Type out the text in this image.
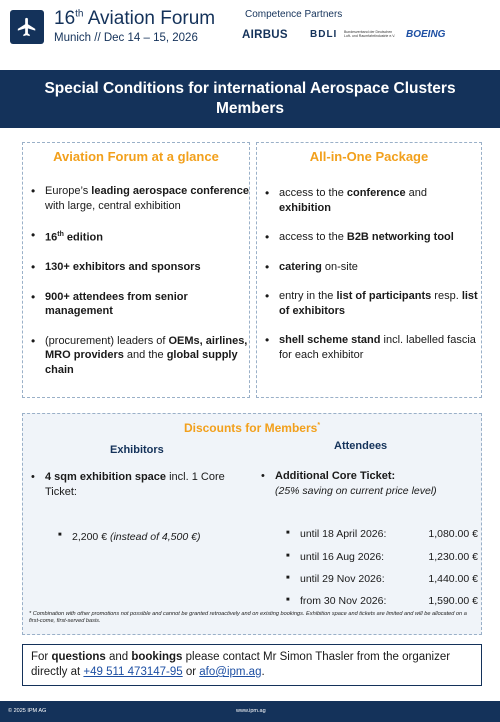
16th Aviation Forum
Munich // Dec 14 – 15, 2026
Competence Partners
AIRBUS BDLI Bundesverband der Deutschen Luft- und Raumfahrtindustrie e.V.	BOEING
Special Conditions for international Aerospace Clusters
Members
Aviation Forum at a glance
• Europe’s leading aerospace conference with large, central exhibition
• 16th edition
• 130+ exhibitors and sponsors
• 900+ attendees from senior management
• (procurement) leaders of OEMs, airlines, MRO providers and the global supply chain
All-in-One Package
• access to the conference and exhibition
• access to the B2B networking tool
• catering on-site
• entry in the list of participants resp. list of exhibitors
• shell scheme stand incl. labelled fascia for each exhibitor
Discounts for Members*
Exhibitors	Attendees
• 4 sqm exhibition space incl. 1 Core Ticket:
■ 2,200 € (instead of 4,500 €)
• Additional Core Ticket:
(25% saving on current price level)
■ until 18 April 2026:	1,080.00 €
■ until 16 Aug 2026:	1,230.00 €
■ until 29 Nov 2026:	1,440.00 €
■ from 30 Nov 2026:	1,590.00 €
* Combination with other promotions not possible and cannot be granted retroactively and on existing bookings. Exhibition space and tickets are limited and will be allocated on a first-come, first-served basis.
For questions and bookings please contact Mr Simon Thasler from the organizer directly at +49 511 473147-95 or afo@ipm.ag.
© 2025 IPM AG	www.ipm.ag
